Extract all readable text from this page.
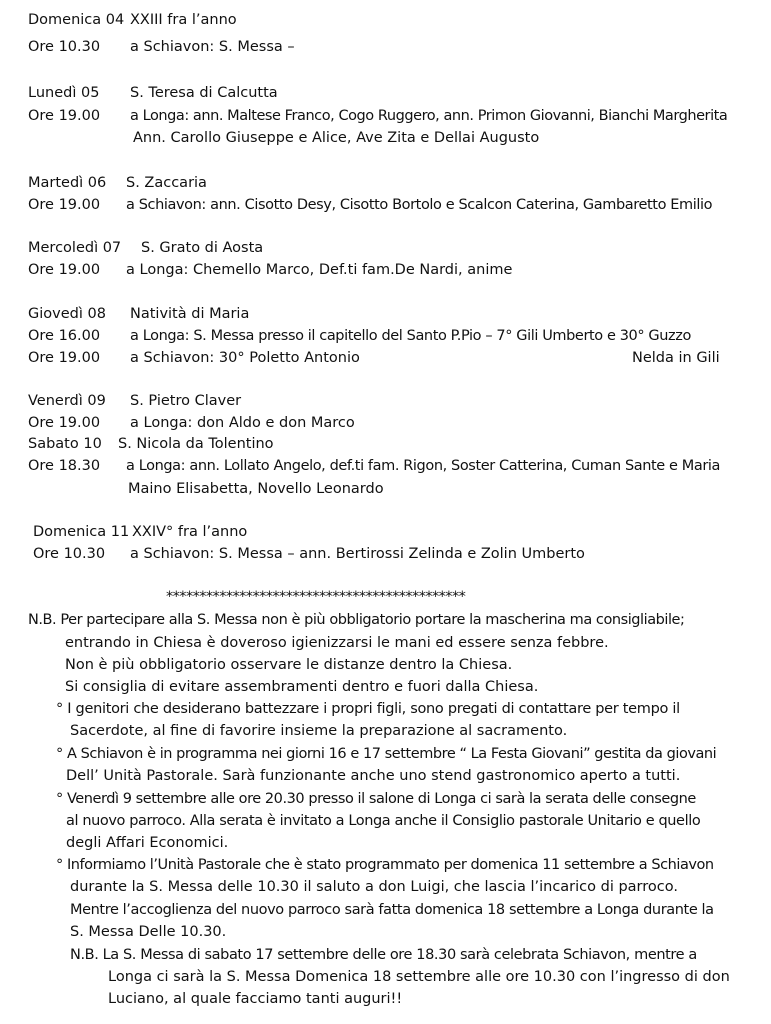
Domenica 04 XXIII fra l’anno
Ore 10.30 a Schiavon: S. Messa –
Lunedì 05 S. Teresa di Calcutta
Ore 19.00 a Longa: ann. Maltese Franco, Cogo Ruggero, ann. Primon Giovanni, Bianchi Margherita
Ann. Carollo Giuseppe e Alice, Ave Zita e Dellai Augusto
Martedì 06 S. Zaccaria
Ore 19.00 a Schiavon: ann. Cisotto Desy, Cisotto Bortolo e Scalcon Caterina, Gambaretto Emilio
Mercoledì 07 S. Grato di Aosta
Ore 19.00 a Longa: Chemello Marco, Def.ti fam.De Nardi, anime
Giovedì 08 Natività di Maria
Ore 16.00 a Longa: S. Messa presso il capitello del Santo P.Pio – 7° Gili Umberto e 30° Guzzo
Ore 19.00 a Schiavon: 30° Poletto Antonio	Nelda in Gili
Venerdì 09 S. Pietro Claver
Ore 19.00 a Longa: don Aldo e don Marco
Sabato 10 S. Nicola da Tolentino
Ore 18.30 a Longa: ann. Lollato Angelo, def.ti fam. Rigon, Soster Catterina, Cuman Sante e Maria
Maino Elisabetta, Novello Leonardo
Domenica 11 XXIV° fra l’anno
Ore 10.30 a Schiavon: S. Messa – ann. Bertirossi Zelinda e Zolin Umberto
*********************************************
N.B. Per partecipare alla S. Messa non è più obbligatorio portare la mascherina ma consigliabile;
entrando in Chiesa è doveroso igienizzarsi le mani ed essere senza febbre.
Non è più obbligatorio osservare le distanze dentro la Chiesa.
Si consiglia di evitare assembramenti dentro e fuori dalla Chiesa.
° I genitori che desiderano battezzare i propri figli, sono pregati di contattare per tempo il
Sacerdote, al fine di favorire insieme la preparazione al sacramento.
° A Schiavon è in programma nei giorni 16 e 17 settembre “ La Festa Giovani” gestita da giovani
Dell’ Unità Pastorale. Sarà funzionante anche uno stend gastronomico aperto a tutti.
° Venerdì 9 settembre alle ore 20.30 presso il salone di Longa ci sarà la serata delle consegne
al nuovo parroco. Alla serata è invitato a Longa anche il Consiglio pastorale Unitario e quello
degli Affari Economici.
° Informiamo l’Unità Pastorale che è stato programmato per domenica 11 settembre a Schiavon
durante la S. Messa delle 10.30 il saluto a don Luigi, che lascia l’incarico di parroco.
Mentre l’accoglienza del nuovo parroco sarà fatta domenica 18 settembre a Longa durante la
S. Messa Delle 10.30.
N.B. La S. Messa di sabato 17 settembre delle ore 18.30 sarà celebrata Schiavon, mentre a
Longa ci sarà la S. Messa Domenica 18 settembre alle ore 10.30 con l’ingresso di don
Luciano, al quale facciamo tanti auguri!!
